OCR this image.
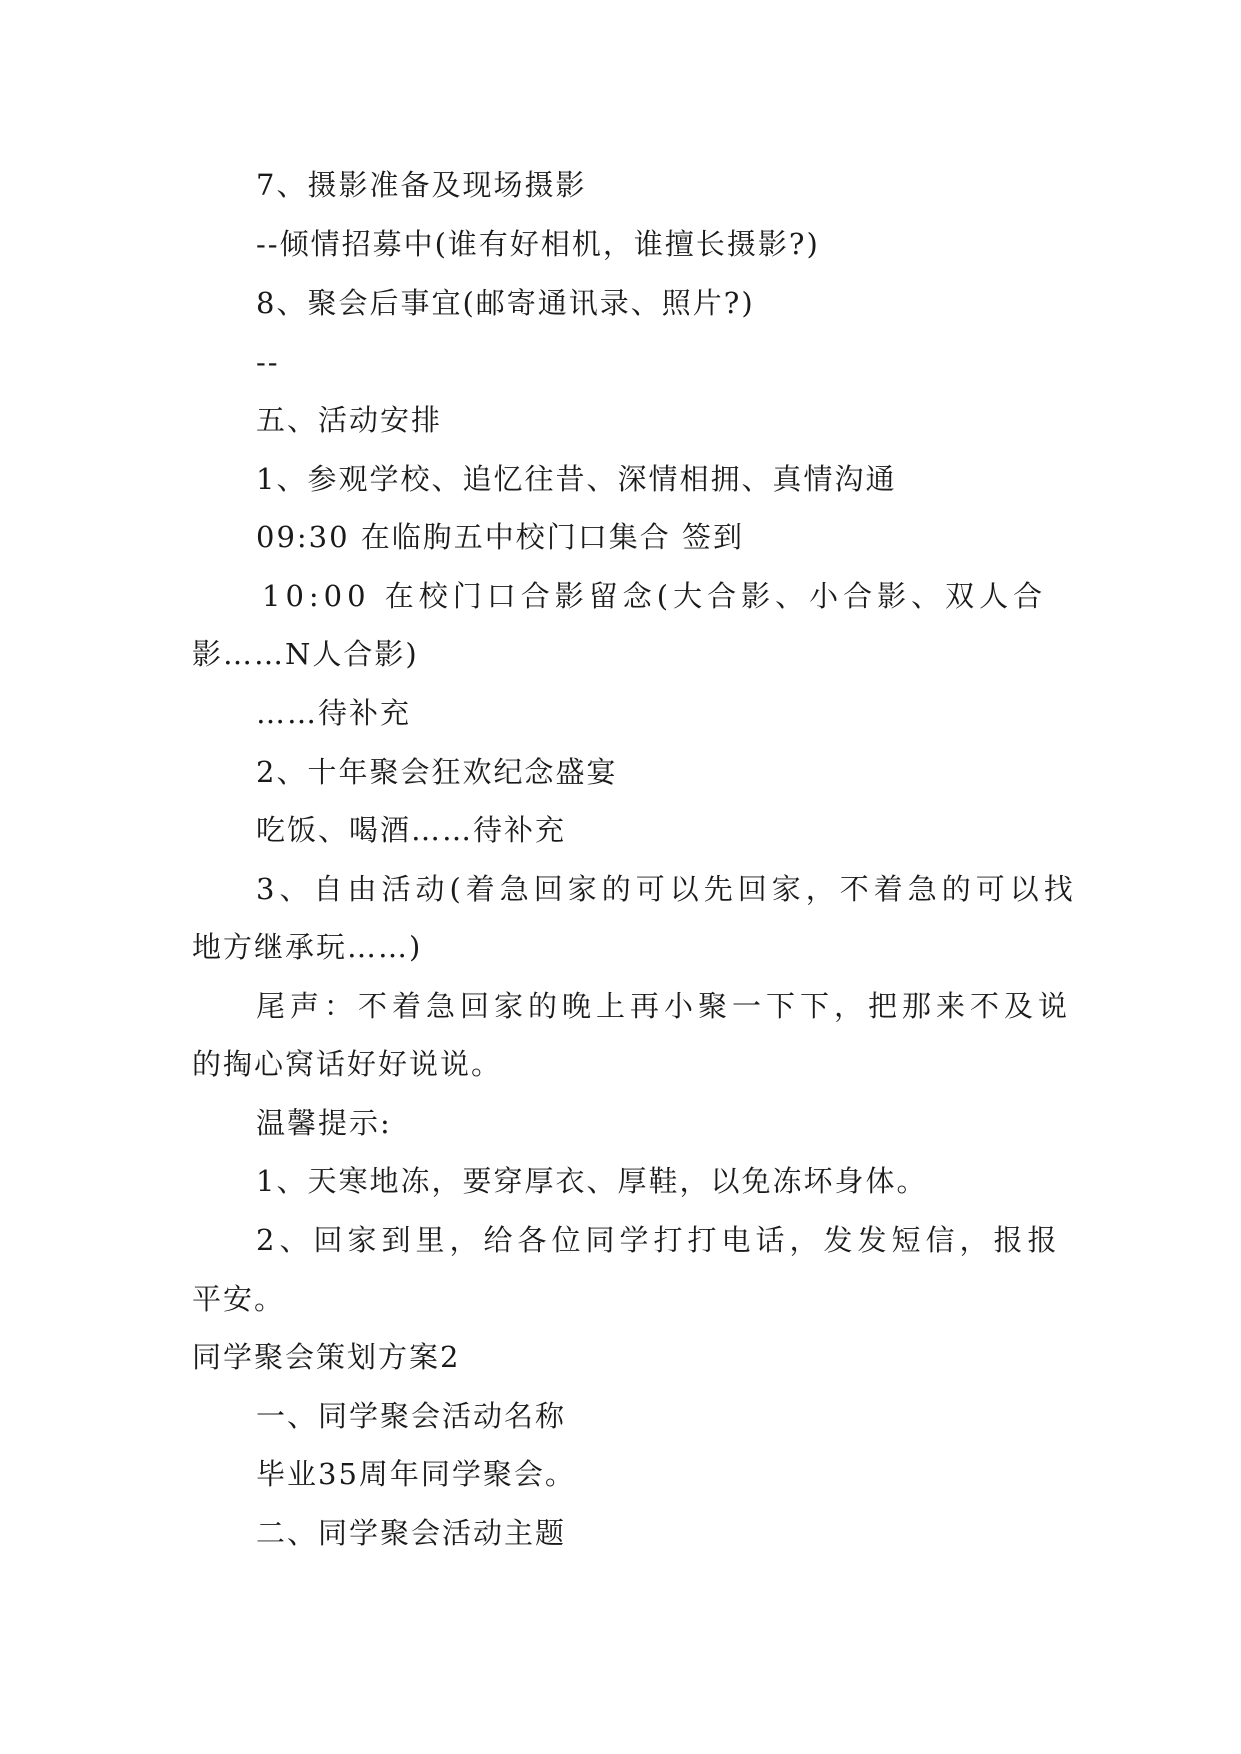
7、摄影准备及现场摄影
--倾情招募中(谁有好相机，谁擅长摄影?)
8、聚会后事宜(邮寄通讯录、照片?)
--
五、活动安排
1、参观学校、追忆往昔、深情相拥、真情沟通
09:30 在临朐五中校门口集合 签到
10:00 在校门口合影留念(大合影、小合影、双人合
影……N人合影)
……待补充
2、十年聚会狂欢纪念盛宴
吃饭、喝酒……待补充
3、自由活动(着急回家的可以先回家，不着急的可以找
地方继承玩……)
尾声：不着急回家的晚上再小聚一下下，把那来不及说
的掏心窝话好好说说。
温馨提示:
1、天寒地冻，要穿厚衣、厚鞋，以免冻坏身体。
2、回家到里，给各位同学打打电话，发发短信，报报
平安。
同学聚会策划方案2
一、同学聚会活动名称
毕业35周年同学聚会。
二、同学聚会活动主题
